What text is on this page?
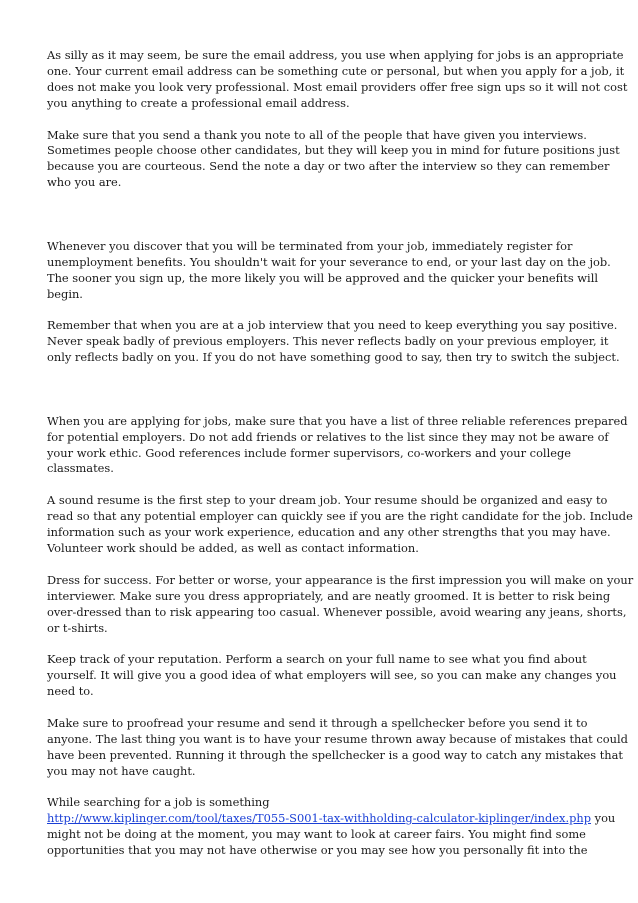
As silly as it may seem, be sure the email address, you use when applying for jobs is an appropriate
one. Your current email address can be something cute or personal, but when you apply for a job, it
does not make you look very professional. Most email providers offer free sign ups so it will not cost
you anything to create a professional email address.

Make sure that you send a thank you note to all of the people that have given you interviews.
Sometimes people choose other candidates, but they will keep you in mind for future positions just
because you are courteous. Send the note a day or two after the interview so they can remember
who you are.

Whenever you discover that you will be terminated from your job, immediately register for
unemployment benefits. You shouldn't wait for your severance to end, or your last day on the job.
The sooner you sign up, the more likely you will be approved and the quicker your benefits will
begin.

Remember that when you are at a job interview that you need to keep everything you say positive.
Never speak badly of previous employers. This never reflects badly on your previous employer, it
only reflects badly on you. If you do not have something good to say, then try to switch the subject.

When you are applying for jobs, make sure that you have a list of three reliable references prepared
for potential employers. Do not add friends or relatives to the list since they may not be aware of
your work ethic. Good references include former supervisors, co-workers and your college
classmates.

A sound resume is the first step to your dream job. Your resume should be organized and easy to
read so that any potential employer can quickly see if you are the right candidate for the job. Include
information such as your work experience, education and any other strengths that you may have.
Volunteer work should be added, as well as contact information.

Dress for success. For better or worse, your appearance is the first impression you will make on your
interviewer. Make sure you dress appropriately, and are neatly groomed. It is better to risk being
over-dressed than to risk appearing too casual. Whenever possible, avoid wearing any jeans, shorts,
or t-shirts.

Keep track of your reputation. Perform a search on your full name to see what you find about
yourself. It will give you a good idea of what employers will see, so you can make any changes you
need to.

Make sure to proofread your resume and send it through a spellchecker before you send it to
anyone. The last thing you want is to have your resume thrown away because of mistakes that could
have been prevented. Running it through the spellchecker is a good way to catch any mistakes that
you may not have caught.

While searching for a job is something
http://www.kiplinger.com/tool/taxes/T055-S001-tax-withholding-calculator-kiplinger/index.php you
might not be doing at the moment, you may want to look at career fairs. You might find some
opportunities that you may not have otherwise or you may see how you personally fit into the
